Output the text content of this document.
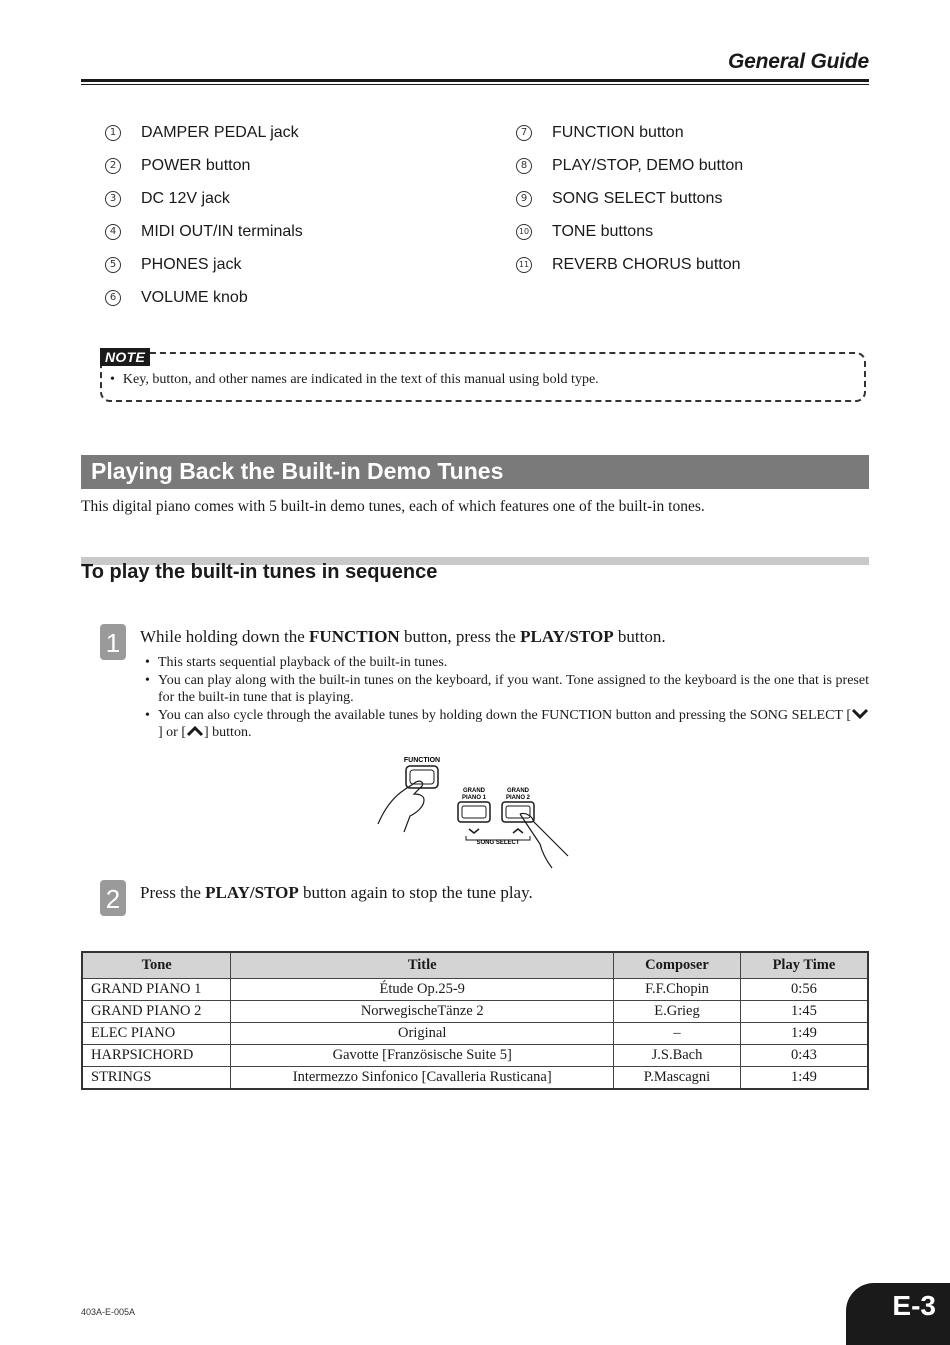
General Guide
1	DAMPER PEDAL jack
2	POWER button
3	DC 12V jack
4	MIDI OUT/IN terminals
5	PHONES jack
6	VOLUME knob
7	FUNCTION button
8	PLAY/STOP, DEMO button
9	SONG SELECT buttons
10 TONE buttons
11 REVERB CHORUS button
NOTE
• Key, button, and other names are indicated in the text of this manual using bold type.
Playing Back the Built-in Demo Tunes
This digital piano comes with 5 built-in demo tunes, each of which features one of the built-in tones.
To play the built-in tunes in sequence
1	While holding down the FUNCTION button, press the PLAY/STOP button.
• This starts sequential playback of the built-in tunes.
• You can play along with the built-in tunes on the keyboard, if you want. Tone assigned to the keyboard is the one that is preset for the built-in tune that is playing.
• You can also cycle through the available tunes by holding down the FUNCTION button and pressing the SONG SELECT [] or [ ] button.
FUNCTION
GRAND
PIANO 1
GRAND
PIANO 2
SONG SELECT
2	Press the PLAY/STOP button again to stop the tune play.
Tone	Title	Composer	Play Time
GRAND PIANO 1	Étude Op.25-9	F.F.Chopin	0:56
GRAND PIANO 2	NorwegischeTänze 2	E.Grieg	1:45
ELEC PIANO	Original	–	1:49
HARPSICHORD	Gavotte [Französische Suite 5]	J.S.Bach	0:43
STRINGS	Intermezzo Sinfonico [Cavalleria Rusticana]	P.Mascagni	1:49
403A-E-005A	E-3
